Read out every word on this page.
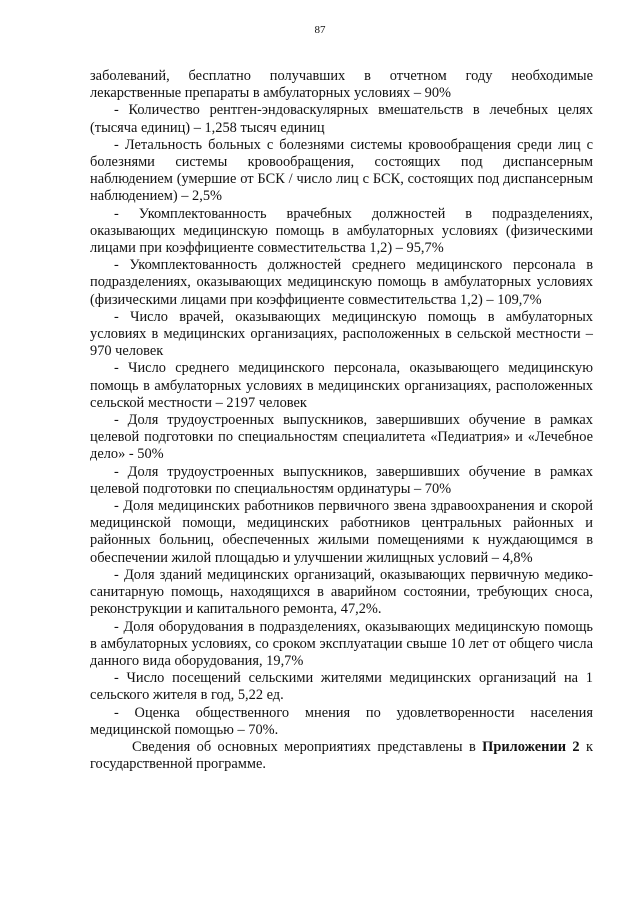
87

заболеваний, бесплатно получавших в отчетном году необходимые лекарственные препараты в амбулаторных условиях – 90%

- Количество рентген-эндоваскулярных вмешательств в лечебных целях (тысяча единиц) – 1,258 тысяч единиц

- Летальность больных с болезнями системы кровообращения среди лиц с болезнями системы кровообращения, состоящих под диспансерным наблюдением (умершие от БСК / число лиц с БСК, состоящих под диспансерным наблюдением) – 2,5%

- Укомплектованность врачебных должностей в подразделениях, оказывающих медицинскую помощь в амбулаторных условиях (физическими лицами при коэффициенте совместительства 1,2) – 95,7%

- Укомплектованность должностей среднего медицинского персонала в подразделениях, оказывающих медицинскую помощь в амбулаторных условиях (физическими лицами при коэффициенте совместительства 1,2) – 109,7%

- Число врачей, оказывающих медицинскую помощь в амбулаторных условиях в медицинских организациях, расположенных в сельской местности – 970 человек

- Число среднего медицинского персонала, оказывающего медицинскую помощь в амбулаторных условиях в медицинских организациях, расположенных сельской местности – 2197 человек

- Доля трудоустроенных выпускников, завершивших обучение в рамках целевой подготовки по специальностям специалитета «Педиатрия» и «Лечебное дело» - 50%

- Доля трудоустроенных выпускников, завершивших обучение в рамках целевой подготовки по специальностям ординатуры – 70%

- Доля медицинских работников первичного звена здравоохранения и скорой медицинской помощи, медицинских работников центральных районных и районных больниц, обеспеченных жилыми помещениями к нуждающимся в обеспечении жилой площадью и улучшении жилищных условий – 4,8%

- Доля зданий медицинских организаций, оказывающих первичную медико-санитарную помощь, находящихся в аварийном состоянии, требующих сноса, реконструкции и капитального ремонта, 47,2%.

- Доля оборудования в подразделениях, оказывающих медицинскую помощь в амбулаторных условиях, со сроком эксплуатации свыше 10 лет от общего числа данного вида оборудования, 19,7%

- Число посещений сельскими жителями медицинских организаций на 1 сельского жителя в год, 5,22 ед.

- Оценка общественного мнения по удовлетворенности населения медицинской помощью – 70%.

Сведения об основных мероприятиях представлены в Приложении 2 к государственной программе.
